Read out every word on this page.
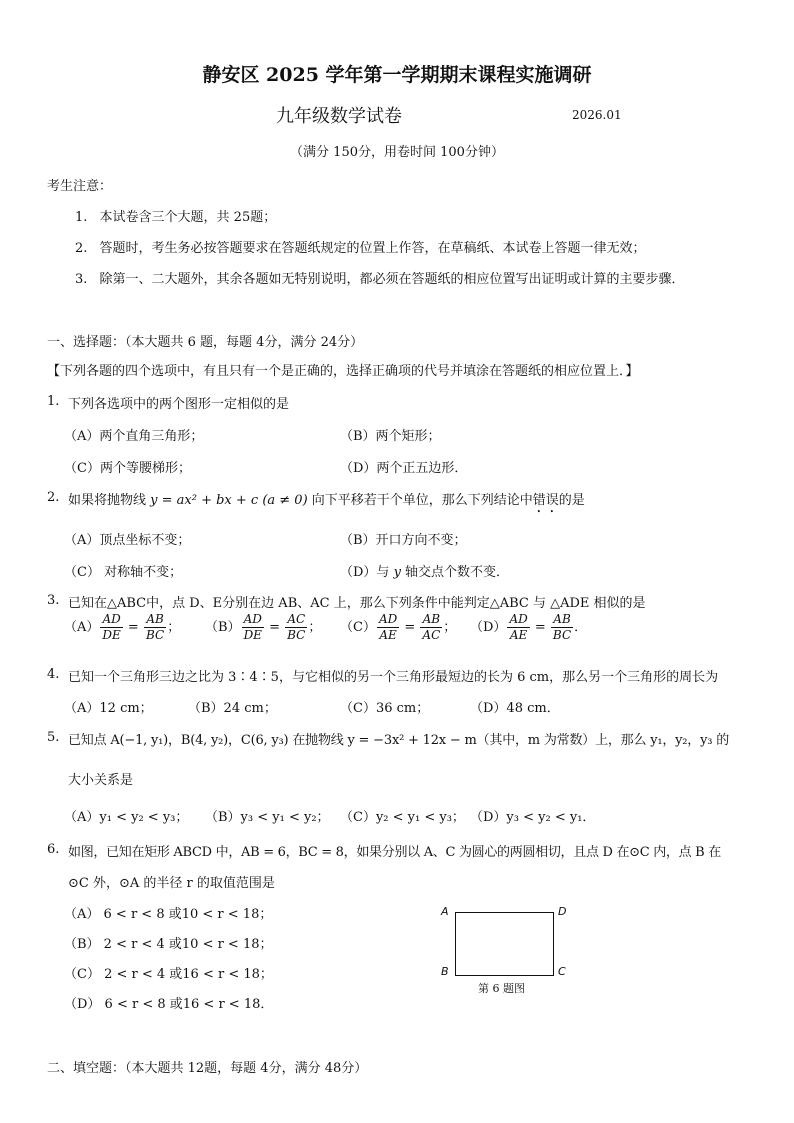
静安区 2025 学年第一学期期末课程实施调研
九年级数学试卷	2026.01
（满分 150分，用卷时间 100分钟）
考生注意：
1. 本试卷含三个大题，共 25题；
2. 答题时，考生务必按答题要求在答题纸规定的位置上作答，在草稿纸、本试卷上答题一律无效；
3. 除第一、二大题外，其余各题如无特别说明，都必须在答题纸的相应位置写出证明或计算的主要步骤．
一、选择题：（本大题共 6 题，每题 4分，满分 24分）
【下列各题的四个选项中，有且只有一个是正确的，选择正确项的代号并填涂在答题纸的相应位置上．】
1. 下列各选项中的两个图形一定相似的是
（A）两个直角三角形；	（B）两个矩形；
（C）两个等腰梯形；	（D）两个正五边形．
2. 如果将抛物线 y = ax² + bx + c (a ≠ 0) 向下平移若干个单位，那么下列结论中错误的是
（A）顶点坐标不变；	（B）开口方向不变；
（C） 对称轴不变；	（D）与 y 轴交点个数不变．
3. 已知在△ABC中，点 D、E分别在边 AB、AC 上，那么下列条件中能判定△ABC 与 △ADE 相似的是
$(A) \frac{AD}{DE} = \frac{AB}{BC}$ ； $(B) \frac{AD}{DE} = \frac{AC}{BC}$ ； $(C) \frac{AD}{AE} = \frac{AB}{AC}$ ； $(D) \frac{AD}{AE} = \frac{AB}{BC}$ ．
4. 已知一个三角形三边之比为 3∶4∶5，与它相似的另一个三角形最短边的长为 6 cm，那么另一个三角形的周长为
（A）12 cm；	（B）24 cm；	（C）36 cm；	（D）48 cm．
5. 已知点 A(−1, y₁)，B(4, y₂)，C(6, y₃) 在抛物线 y = −3x² + 12x − m（其中，m 为常数）上，那么 y₁，y₂，y₃ 的
大小关系是
（A）y₁ < y₂ < y₃； （B）y₃ < y₁ < y₂； （C）y₂ < y₁ < y₃； （D）y₃ < y₂ < y₁．
6. 如图，已知在矩形 ABCD 中，AB = 6，BC = 8，如果分别以 A、C 为圆心的两圆相切，且点 D 在⊙C 内，点 B 在
⊙C 外，⊙A 的半径 r 的取值范围是
（A） 6 < r < 8 或10 < r < 18；
（B） 2 < r < 4 或10 < r < 18；
（C） 2 < r < 4 或16 < r < 18；
（D） 6 < r < 8 或16 < r < 18．
A	D
B	C
第 6 题图
二、填空题：（本大题共 12题，每题 4分，满分 48分）
